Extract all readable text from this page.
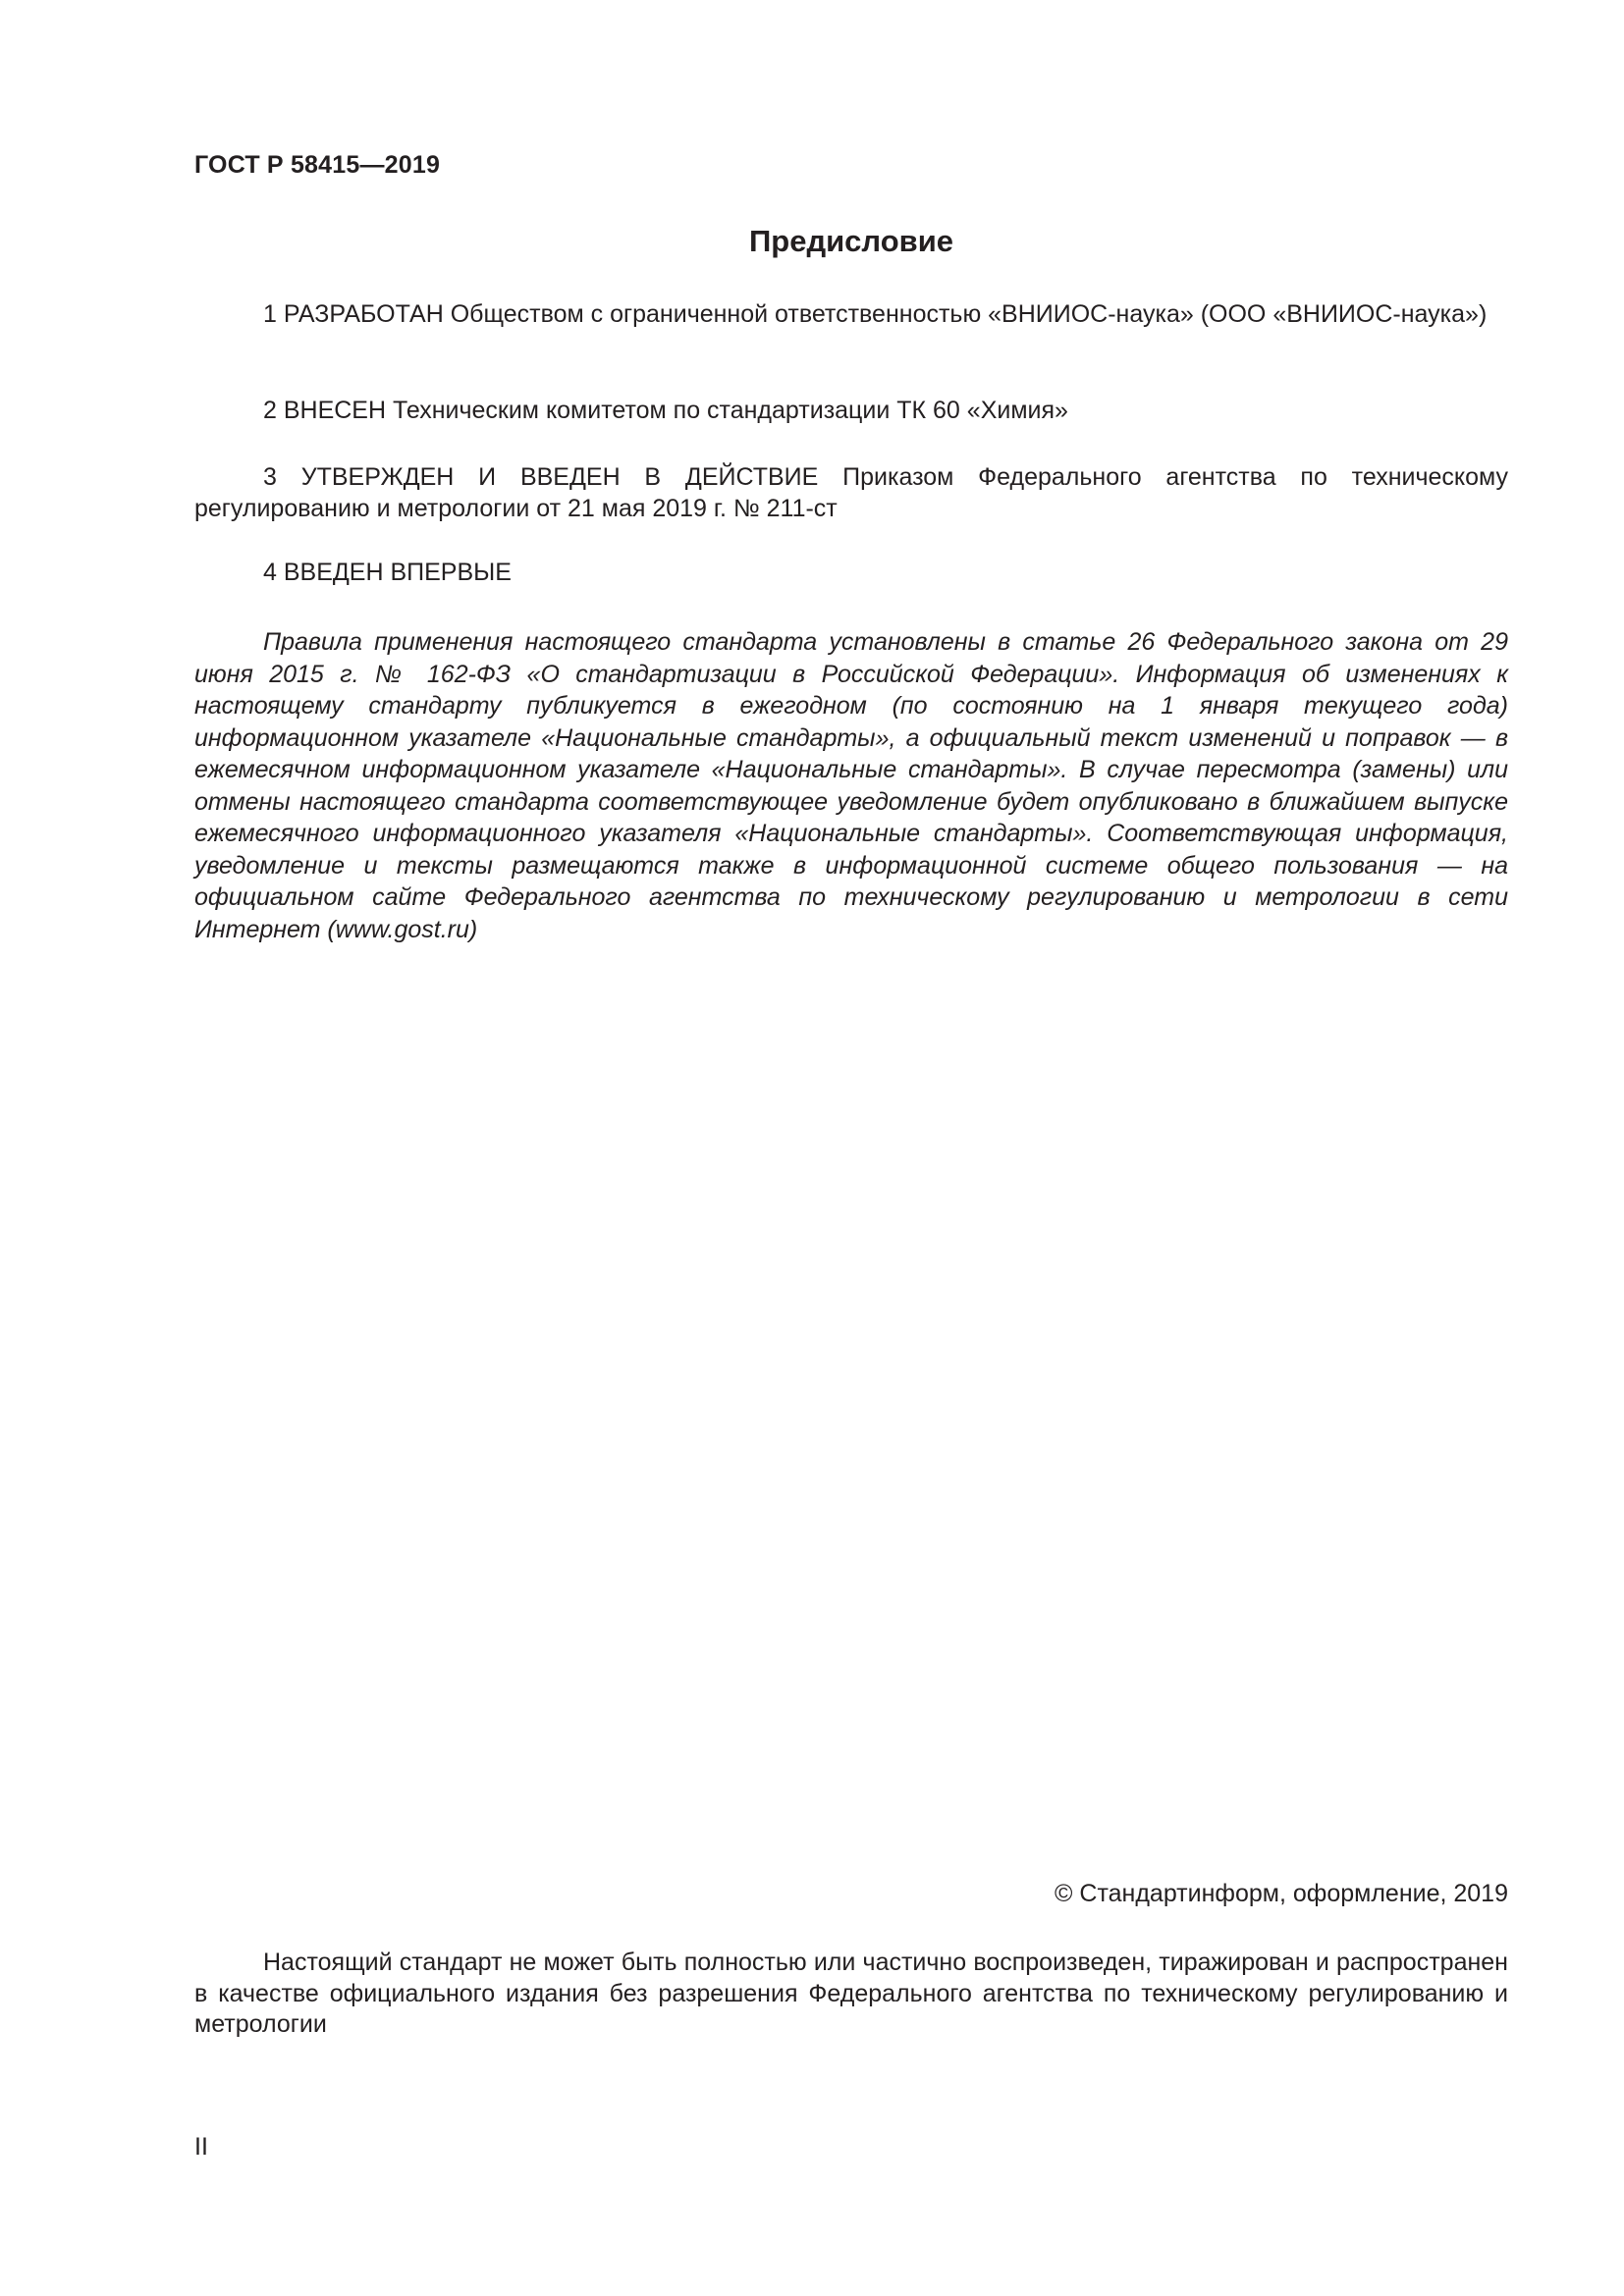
ГОСТ Р 58415—2019
Предисловие

1 РАЗРАБОТАН Обществом с ограниченной ответственностью «ВНИИОС-наука» (ООО «ВНИИОС-наука»)

2 ВНЕСЕН Техническим комитетом по стандартизации ТК 60 «Химия»

3 УТВЕРЖДЕН И ВВЕДЕН В ДЕЙСТВИЕ Приказом Федерального агентства по техническому регулированию и метрологии от 21 мая 2019 г. № 211-ст

4 ВВЕДЕН ВПЕРВЫЕ

Правила применения настоящего стандарта установлены в статье 26 Федерального закона от 29 июня 2015 г. № 162-ФЗ «О стандартизации в Российской Федерации». Информация об изменениях к настоящему стандарту публикуется в ежегодном (по состоянию на 1 января текущего года) информационном указателе «Национальные стандарты», а официальный текст изменений и поправок — в ежемесячном информационном указателе «Национальные стандарты». В случае пересмотра (замены) или отмены настоящего стандарта соответствующее уведомление будет опубликовано в ближайшем выпуске ежемесячного информационного указателя «Национальные стандарты». Соответствующая информация, уведомление и тексты размещаются также в информационной системе общего пользования — на официальном сайте Федерального агентства по техническому регулированию и метрологии в сети Интернет (www.gost.ru)

© Стандартинформ, оформление, 2019

Настоящий стандарт не может быть полностью или частично воспроизведен, тиражирован и распространен в качестве официального издания без разрешения Федерального агентства по техническому регулированию и метрологии

II
